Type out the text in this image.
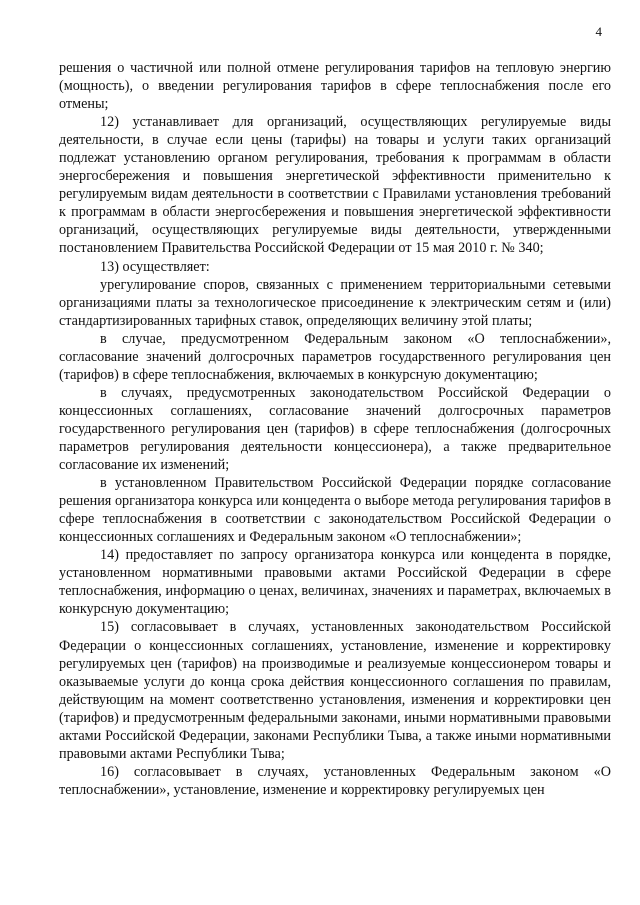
4

решения о частичной или полной отмене регулирования тарифов на тепловую энергию (мощность), о введении регулирования тарифов в сфере теплоснабжения после его отмены;

12) устанавливает для организаций, осуществляющих регулируемые виды деятельности, в случае если цены (тарифы) на товары и услуги таких организаций подлежат установлению органом регулирования, требования к программам в области энергосбережения и повышения энергетической эффективности применительно к регулируемым видам деятельности в соответствии с Правилами установления требований к программам в области энергосбережения и повышения энергетической эффективности организаций, осуществляющих регулируемые виды деятельности, утвержденными постановлением Правительства Российской Федерации от 15 мая 2010 г. № 340;

13) осуществляет:

урегулирование споров, связанных с применением территориальными сетевыми организациями платы за технологическое присоединение к электрическим сетям и (или) стандартизированных тарифных ставок, определяющих величину этой платы;

в случае, предусмотренном Федеральным законом «О теплоснабжении», согласование значений долгосрочных параметров государственного регулирования цен (тарифов) в сфере теплоснабжения, включаемых в конкурсную документацию;

в случаях, предусмотренных законодательством Российской Федерации о концессионных соглашениях, согласование значений долгосрочных параметров государственного регулирования цен (тарифов) в сфере теплоснабжения (долгосрочных параметров регулирования деятельности концессионера), а также предварительное согласование их изменений;

в установленном Правительством Российской Федерации порядке согласование решения организатора конкурса или концедента о выборе метода регулирования тарифов в сфере теплоснабжения в соответствии с законодательством Российской Федерации о концессионных соглашениях и Федеральным законом «О теплоснабжении»;

14) предоставляет по запросу организатора конкурса или концедента в порядке, установленном нормативными правовыми актами Российской Федерации в сфере теплоснабжения, информацию о ценах, величинах, значениях и параметрах, включаемых в конкурсную документацию;

15) согласовывает в случаях, установленных законодательством Российской Федерации о концессионных соглашениях, установление, изменение и корректировку регулируемых цен (тарифов) на производимые и реализуемые концессионером товары и оказываемые услуги до конца срока действия концессионного соглашения по правилам, действующим на момент соответственно установления, изменения и корректировки цен (тарифов) и предусмотренным федеральными законами, иными нормативными правовыми актами Российской Федерации, законами Республики Тыва, а также иными нормативными правовыми актами Республики Тыва;

16) согласовывает в случаях, установленных Федеральным законом «О теплоснабжении», установление, изменение и корректировку регулируемых цен
